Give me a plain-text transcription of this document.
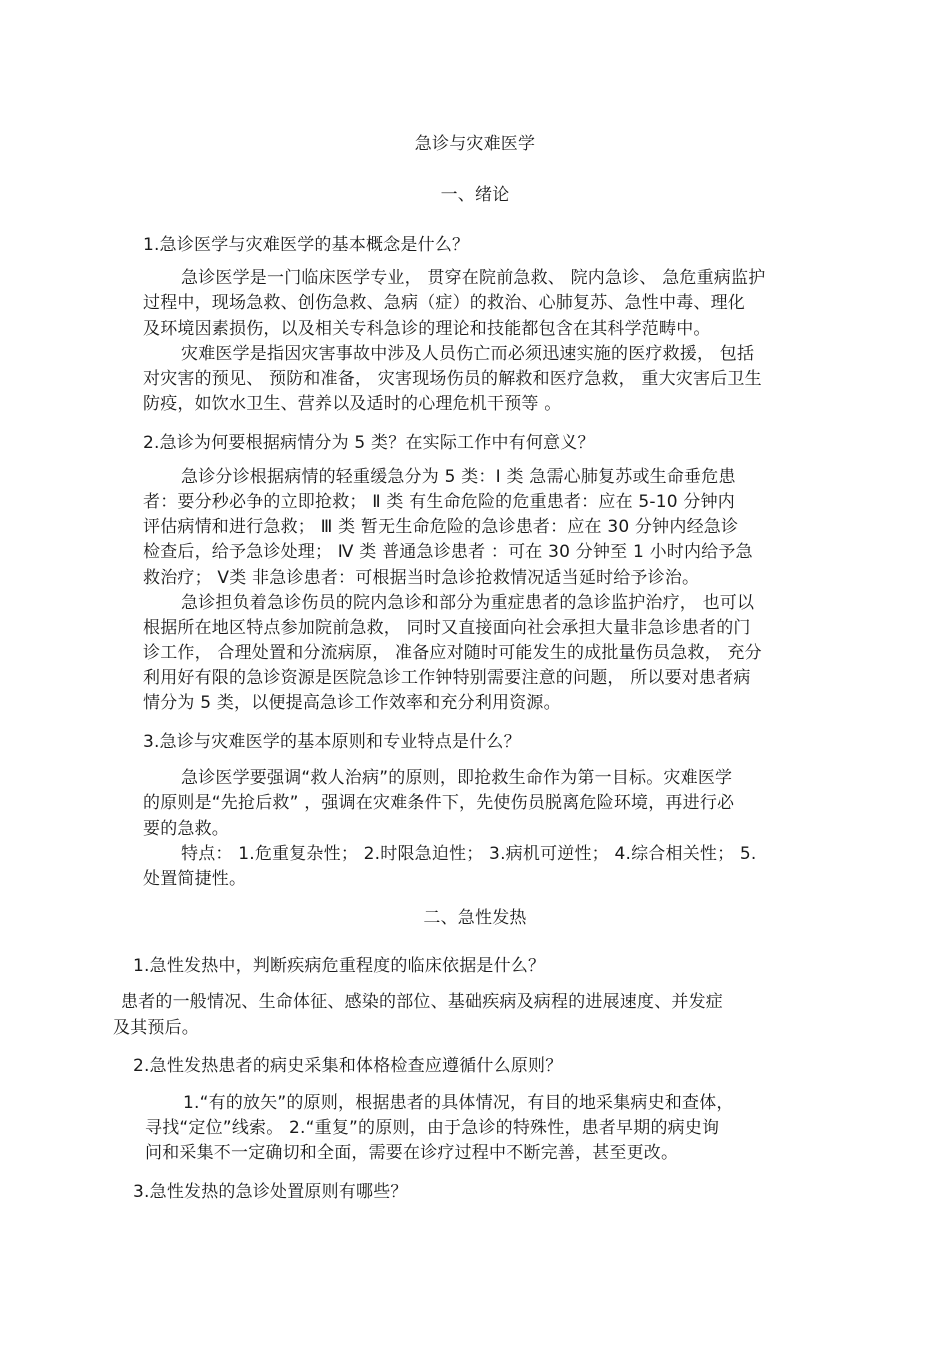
急诊与灾难医学
一、绪论
1.急诊医学与灾难医学的基本概念是什么？
急诊医学是一门临床医学专业， 贯穿在院前急救、 院内急诊、 急危重病监护
过程中，现场急救、创伤急救、急病（症）的救治、心肺复苏、急性中毒、理化
及环境因素损伤，以及相关专科急诊的理论和技能都包含在其科学范畴中。
灾难医学是指因灾害事故中涉及人员伤亡而必须迅速实施的医疗救援， 包括
对灾害的预见、 预防和准备， 灾害现场伤员的解救和医疗急救， 重大灾害后卫生
防疫，如饮水卫生、营养以及适时的心理危机干预等 。
2.急诊为何要根据病情分为 5 类？在实际工作中有何意义？
急诊分诊根据病情的轻重缓急分为 5 类：Ⅰ 类 急需心肺复苏或生命垂危患
者：要分秒必争的立即抢救； Ⅱ 类 有生命危险的危重患者：应在 5-10 分钟内
评估病情和进行急救； Ⅲ 类 暂无生命危险的急诊患者：应在 30 分钟内经急诊
检查后，给予急诊处理； Ⅳ 类 普通急诊患者 ：可在 30 分钟至 1 小时内给予急
救治疗； Ⅴ类 非急诊患者：可根据当时急诊抢救情况适当延时给予诊治。
急诊担负着急诊伤员的院内急诊和部分为重症患者的急诊监护治疗， 也可以
根据所在地区特点参加院前急救， 同时又直接面向社会承担大量非急诊患者的门
诊工作， 合理处置和分流病原， 准备应对随时可能发生的成批量伤员急救， 充分
利用好有限的急诊资源是医院急诊工作钟特别需要注意的问题， 所以要对患者病
情分为 5 类，以便提高急诊工作效率和充分利用资源。
3.急诊与灾难医学的基本原则和专业特点是什么？
急诊医学要强调“救人治病”的原则，即抢救生命作为第一目标。灾难医学
的原则是“先抢后救” ，强调在灾难条件下，先使伤员脱离危险环境，再进行必
要的急救。
特点： 1.危重复杂性； 2.时限急迫性； 3.病机可逆性； 4.综合相关性； 5.
处置简捷性。
二、急性发热
1.急性发热中，判断疾病危重程度的临床依据是什么？
患者的一般情况、生命体征、感染的部位、基础疾病及病程的进展速度、并发症
及其预后。
2.急性发热患者的病史采集和体格检查应遵循什么原则？
1.“有的放矢”的原则，根据患者的具体情况，有目的地采集病史和查体，
寻找“定位”线索。 2.“重复”的原则，由于急诊的特殊性，患者早期的病史询
问和采集不一定确切和全面，需要在诊疗过程中不断完善，甚至更改。
3.急性发热的急诊处置原则有哪些？
